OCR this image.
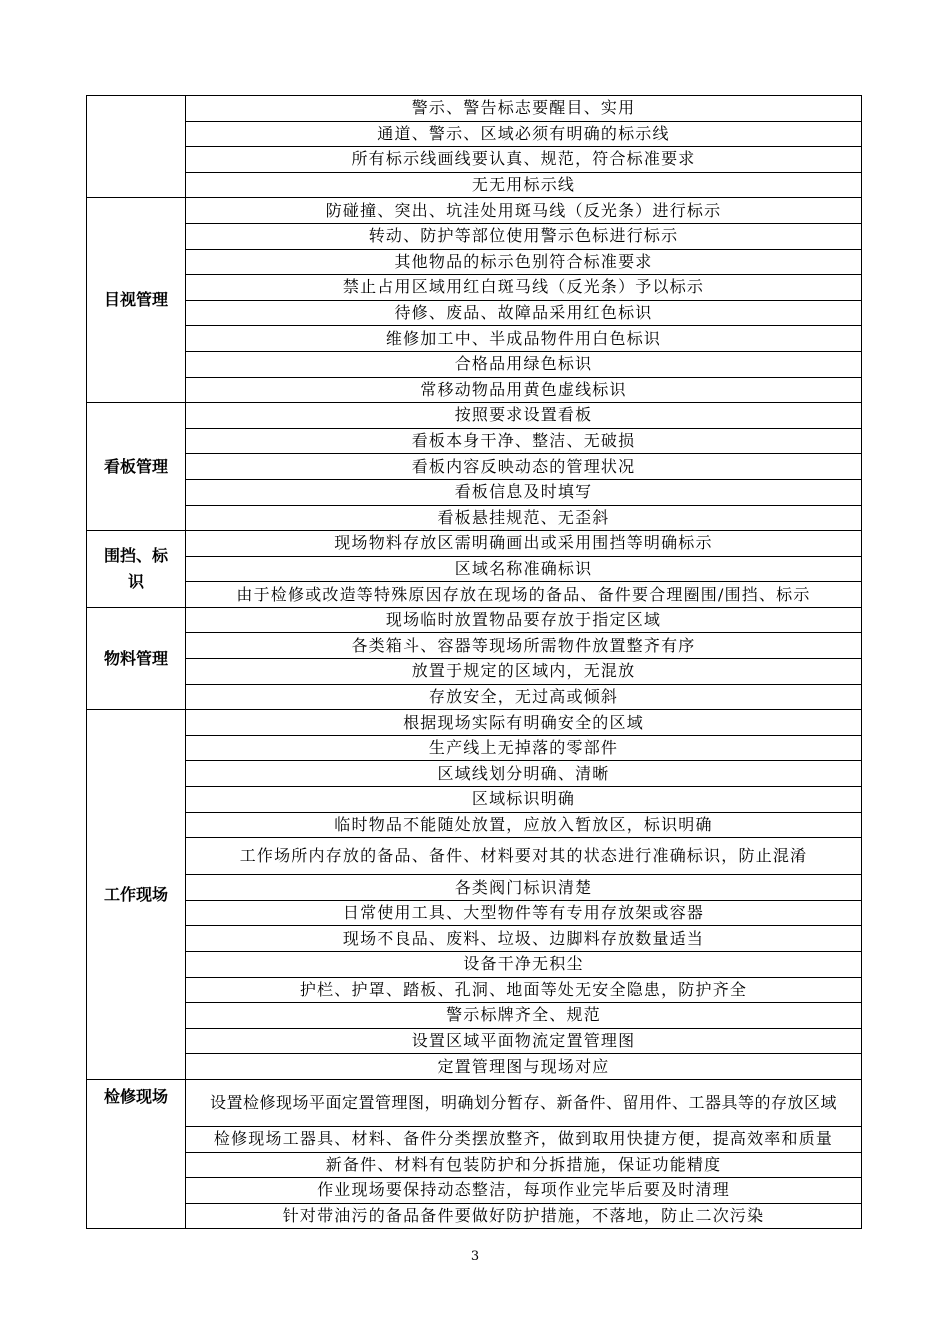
	警示、警告标志要醒目、实用
	通道、警示、区域必须有明确的标示线
	所有标示线画线要认真、规范，符合标准要求
	无无用标示线
目视管理	防碰撞、突出、坑洼处用斑马线（反光条）进行标示
	转动、防护等部位使用警示色标进行标示
	其他物品的标示色别符合标准要求
	禁止占用区域用红白斑马线（反光条）予以标示
	待修、废品、故障品采用红色标识
	维修加工中、半成品物件用白色标识
	合格品用绿色标识
	常移动物品用黄色虚线标识
看板管理	按照要求设置看板
	看板本身干净、整洁、无破损
	看板内容反映动态的管理状况
	看板信息及时填写
	看板悬挂规范、无歪斜
围挡、标识	现场物料存放区需明确画出或采用围挡等明确标示
	区域名称准确标识
	由于检修或改造等特殊原因存放在现场的备品、备件要合理圈围/围挡、标示
物料管理	现场临时放置物品要存放于指定区域
	各类箱斗、容器等现场所需物件放置整齐有序
	放置于规定的区域内，无混放
	存放安全，无过高或倾斜
工作现场	根据现场实际有明确安全的区域
	生产线上无掉落的零部件
	区域线划分明确、清晰
	区域标识明确
	临时物品不能随处放置，应放入暂放区，标识明确
	工作场所内存放的备品、备件、材料要对其的状态进行准确标识，防止混淆
	各类阀门标识清楚
	日常使用工具、大型物件等有专用存放架或容器
	现场不良品、废料、垃圾、边脚料存放数量适当
	设备干净无积尘
	护栏、护罩、踏板、孔洞、地面等处无安全隐患，防护齐全
	警示标牌齐全、规范
	设置区域平面物流定置管理图
	定置管理图与现场对应
检修现场	设置检修现场平面定置管理图，明确划分暂存、新备件、留用件、工器具等的存放区域
	检修现场工器具、材料、备件分类摆放整齐，做到取用快捷方便，提高效率和质量
	新备件、材料有包装防护和分拆措施，保证功能精度
	作业现场要保持动态整洁，每项作业完毕后要及时清理
	针对带油污的备品备件要做好防护措施，不落地，防止二次污染
3
